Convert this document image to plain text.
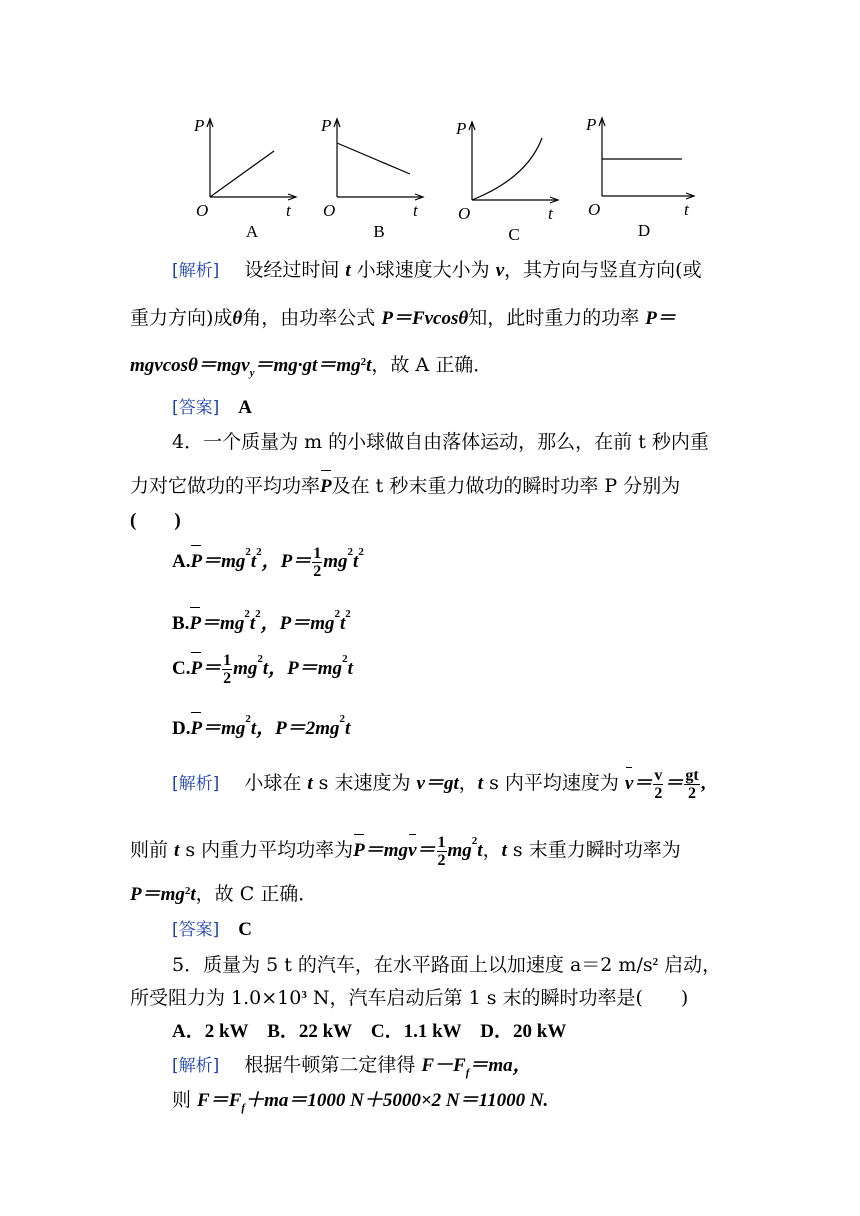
P
O	t
A
P
O	t
B
P
O	t
C
P
O	t
D
[解析]　 设经过时间 t 小球速度大小为 v，其方向与竖直方向(或
重力方向)成θ角，由功率公式 P＝Fvcosθ知，此时重力的功率 P＝
$mgvcos\theta=mgv_y=mg\cdot gt=mg^2t$，故 A 正确．
[答案]　 A
4．一个质量为 m 的小球做自由落体运动，那么，在前 t 秒内重
力对它做功的平均功率P及在 t 秒末重力做功的瞬时功率 P 分别为
(　　)
$A.P=mg^2t^2$，$P= \frac{1}{2} mg^2t^2$
$B.P=mg^2t^2$，$P=mg^2t^2$
$C.P= \frac{1}{2} mg^2t$，$P=mg^2t$
$D.P=mg^2t$，$P=2mg^2t$
[解析]　 小球在 t s 末速度为 v＝gt，t s 内平均速度为 $v= \frac{v}{2} = \frac{gt}{2}$ ,
则前 t s 内重力平均功率为$P=mgv= \frac{1}{2} mg^2t$，t s 末重力瞬时功率为
$P=mg^2t$，故 C 正确．
[答案]　 C
5．质量为 5 t 的汽车，在水平路面上以加速度 a＝2 $m/s^2$ 启动，
所受阻力为 $1.0\times 10^3$ N，汽车启动后第 1 s 末的瞬时功率是(　　)
A．2 kW　B．22 kW　C．1.1 kW　D．20 kW
[解析]　 根据牛顿第二定律得 $F-F_f=ma$，
则 $F=F_f+ma=1000$ N＋5000×2 N＝11000 N.
